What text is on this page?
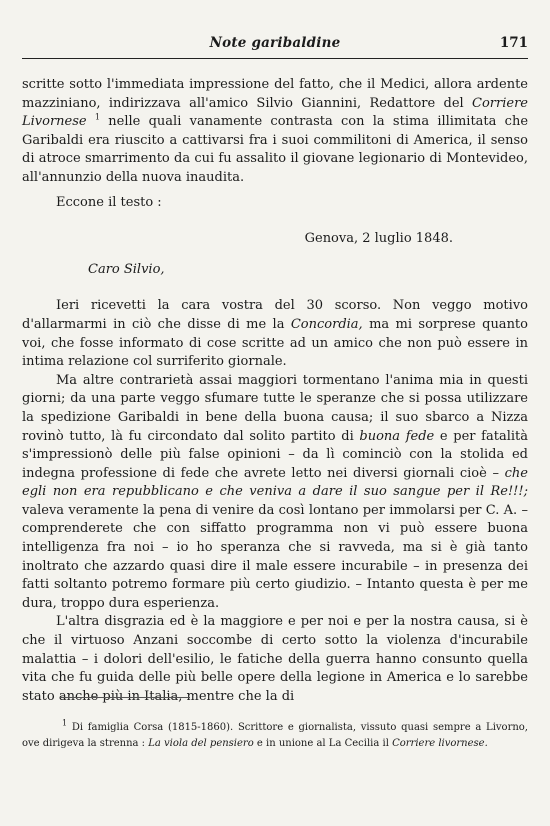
Note garibaldine	171

scritte sotto l'immediata impressione del fatto, che il Medici, allora ardente mazziniano, indirizzava all'amico Silvio Giannini, Redattore del Corriere Livornese $^1$ nelle quali vanamente contrasta con la stima illimitata che Garibaldi era riuscito a cattivarsi fra i suoi commilitoni di America, il senso di atroce smarrimento da cui fu assalito il giovane legionario di Montevideo, all'annunzio della nuova inaudita.

Eccone il testo :

Genova, 2 luglio 1848.

Caro Silvio,

Ieri ricevetti la cara vostra del 30 scorso. Non veggo motivo d'allarmarmi in ciò che disse di me la Concordia, ma mi sorprese quanto voi, che fosse informato di cose scritte ad un amico che non può essere in intima relazione col surriferito giornale.

Ma altre contrarietà assai maggiori tormentano l'anima mia in questi giorni; da una parte veggo sfumare tutte le speranze che si possa utilizzare la spedizione Garibaldi in bene della buona causa; il suo sbarco a Nizza rovinò tutto, là fu circondato dal solito partito di buona fede e per fatalità s'impressionò delle più false opinioni – da lì cominciò con la stolida ed indegna professione di fede che avrete letto nei diversi giornali cioè – che egli non era repubblicano e che veniva a dare il suo sangue per il Re!!!; valeva veramente la pena di venire da così lontano per immolarsi per C. A. – comprenderete che con siffatto programma non vi può essere buona intelligenza fra noi – io ho speranza che si ravveda, ma si è già tanto inoltrato che azzardo quasi dire il male essere incurabile – in presenza dei fatti soltanto potremo formare più certo giudizio. – Intanto questa è per me dura, troppo dura esperienza.

L'altra disgrazia ed è la maggiore e per noi e per la nostra causa, si è che il virtuoso Anzani soccombe di certo sotto la violenza d'incurabile malattia – i dolori dell'esilio, le fatiche della guerra hanno consunto quella vita che fu guida delle più belle opere della legione in America e lo sarebbe stato anche più in Italia, mentre che la di

$^1$ Di famiglia Corsa (1815-1860). Scrittore e giornalista, vissuto quasi sempre a Livorno, ove dirigeva la strenna : La viola del pensiero e in unione al La Cecilia il Corriere livornese.
